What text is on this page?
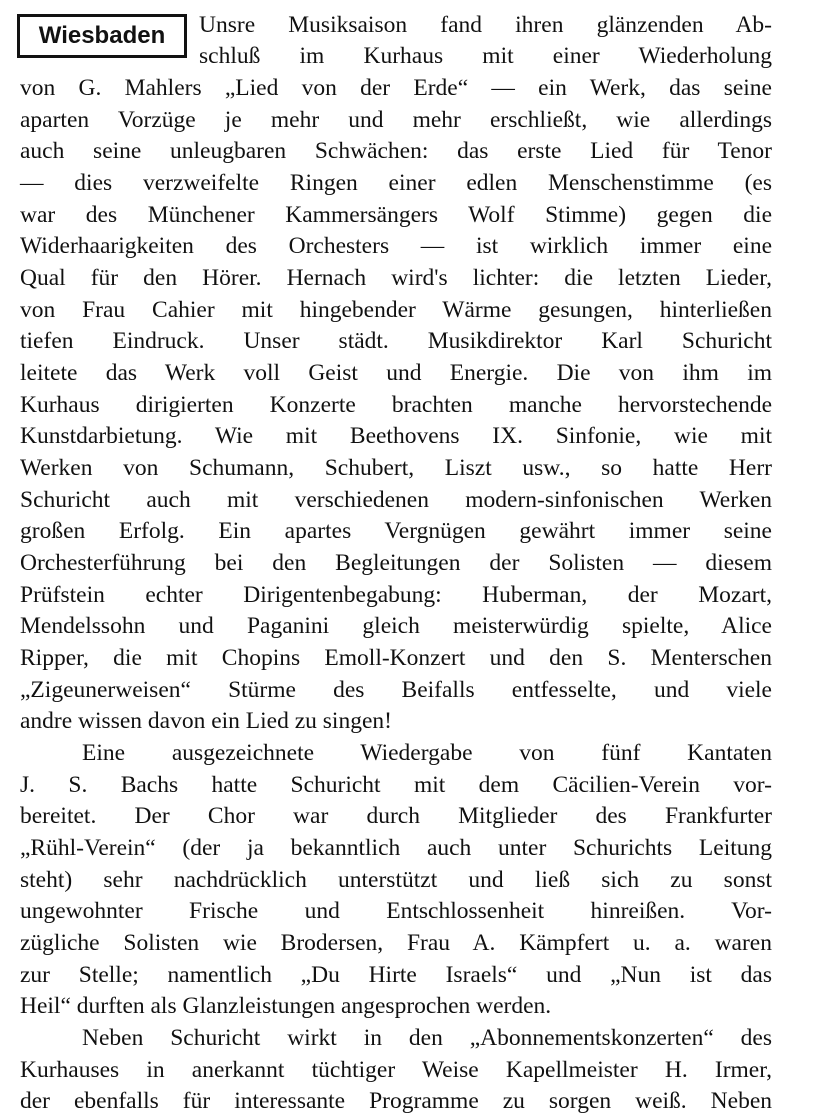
Wiesbaden	Unsre Musiksaison fand ihren glänzenden Ab-
schluß im Kurhaus mit einer Wiederholung
von G. Mahlers „Lied von der Erde“ — ein Werk, das seine
aparten Vorzüge je mehr und mehr erschließt, wie allerdings
auch seine unleugbaren Schwächen: das erste Lied für Tenor
— dies verzweifelte Ringen einer edlen Menschenstimme (es
war des Münchener Kammersängers Wolf Stimme) gegen die
Widerhaarigkeiten des Orchesters — ist wirklich immer eine
Qual für den Hörer. Hernach wird's lichter: die letzten Lieder,
von Frau Cahier mit hingebender Wärme gesungen, hinterließen
tiefen Eindruck. Unser städt. Musikdirektor Karl Schuricht
leitete das Werk voll Geist und Energie. Die von ihm im
Kurhaus dirigierten Konzerte brachten manche hervorstechende
Kunstdarbietung. Wie mit Beethovens IX. Sinfonie, wie mit
Werken von Schumann, Schubert, Liszt usw., so hatte Herr
Schuricht auch mit verschiedenen modern-sinfonischen Werken
großen Erfolg. Ein apartes Vergnügen gewährt immer seine
Orchesterführung bei den Begleitungen der Solisten — diesem
Prüfstein echter Dirigentenbegabung: Huberman, der Mozart,
Mendelssohn und Paganini gleich meisterwürdig spielte, Alice
Ripper, die mit Chopins Emoll-Konzert und den S. Menterschen
„Zigeunerweisen“ Stürme des Beifalls entfesselte, und viele
andre wissen davon ein Lied zu singen!
Eine ausgezeichnete Wiedergabe von fünf Kantaten
J. S. Bachs hatte Schuricht mit dem Cäcilien-Verein vor-
bereitet. Der Chor war durch Mitglieder des Frankfurter
„Rühl-Verein“ (der ja bekanntlich auch unter Schurichts Leitung
steht) sehr nachdrücklich unterstützt und ließ sich zu sonst
ungewohnter Frische und Entschlossenheit hinreißen. Vor-
zügliche Solisten wie Brodersen, Frau A. Kämpfert u. a. waren
zur Stelle; namentlich „Du Hirte Israels“ und „Nun ist das
Heil“ durften als Glanzleistungen angesprochen werden.
Neben Schuricht wirkt in den „Abonnementskonzerten“ des
Kurhauses in anerkannt tüchtiger Weise Kapellmeister H. Irmer,
der ebenfalls für interessante Programme zu sorgen weiß. Neben
